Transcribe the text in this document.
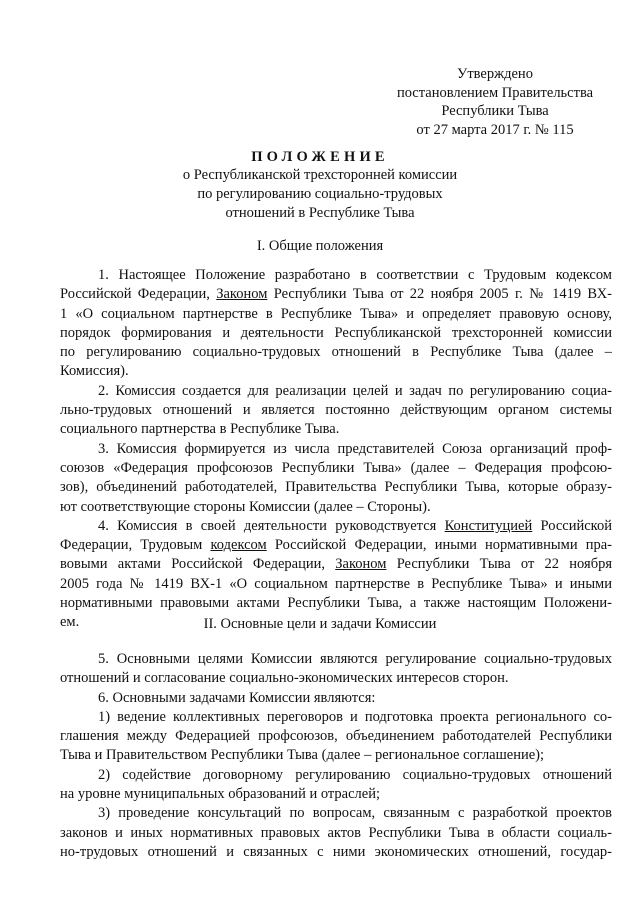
Утверждено
постановлением Правительства
Республики Тыва
от 27 марта 2017 г. № 115
ПОЛОЖЕНИЕ
о Республиканской трехсторонней комиссии
по регулированию социально-трудовых
отношений в Республике Тыва
I. Общие положения
1. Настоящее Положение разработано в соответствии с Трудовым кодексом
Российской Федерации, Законом Республики Тыва от 22 ноября 2005 г. № 1419 ВХ-
1 «О социальном партнерстве в Республике Тыва» и определяет правовую основу,
порядок формирования и деятельности Республиканской трехсторонней комиссии
по регулированию социально-трудовых отношений в Республике Тыва (далее –
Комиссия).
2. Комиссия создается для реализации целей и задач по регулированию социа-
льно-трудовых отношений и является постоянно действующим органом системы
социального партнерства в Республике Тыва.
3. Комиссия формируется из числа представителей Союза организаций проф-
союзов «Федерация профсоюзов Республики Тыва» (далее – Федерация профсою-
зов), объединений работодателей, Правительства Республики Тыва, которые образу-
ют соответствующие стороны Комиссии (далее – Стороны).
4. Комиссия в своей деятельности руководствуется Конституцией Российской
Федерации, Трудовым кодексом Российской Федерации, иными нормативными пра-
вовыми актами Российской Федерации, Законом Республики Тыва от 22 ноября
2005 года № 1419 ВХ-1 «О социальном партнерстве в Республике Тыва» и иными
нормативными правовыми актами Республики Тыва, а также настоящим Положени-
ем.	II. Основные цели и задачи Комиссии
5. Основными целями Комиссии являются регулирование социально-трудовых
отношений и согласование социально-экономических интересов сторон.
6. Основными задачами Комиссии являются:
1) ведение коллективных переговоров и подготовка проекта регионального со-
глашения между Федерацией профсоюзов, объединением работодателей Республики
Тыва и Правительством Республики Тыва (далее – региональное соглашение);
2) содействие договорному регулированию социально-трудовых отношений
на уровне муниципальных образований и отраслей;
3) проведение консультаций по вопросам, связанным с разработкой проектов
законов и иных нормативных правовых актов Республики Тыва в области социаль-
но-трудовых отношений и связанных с ними экономических отношений, государ-
